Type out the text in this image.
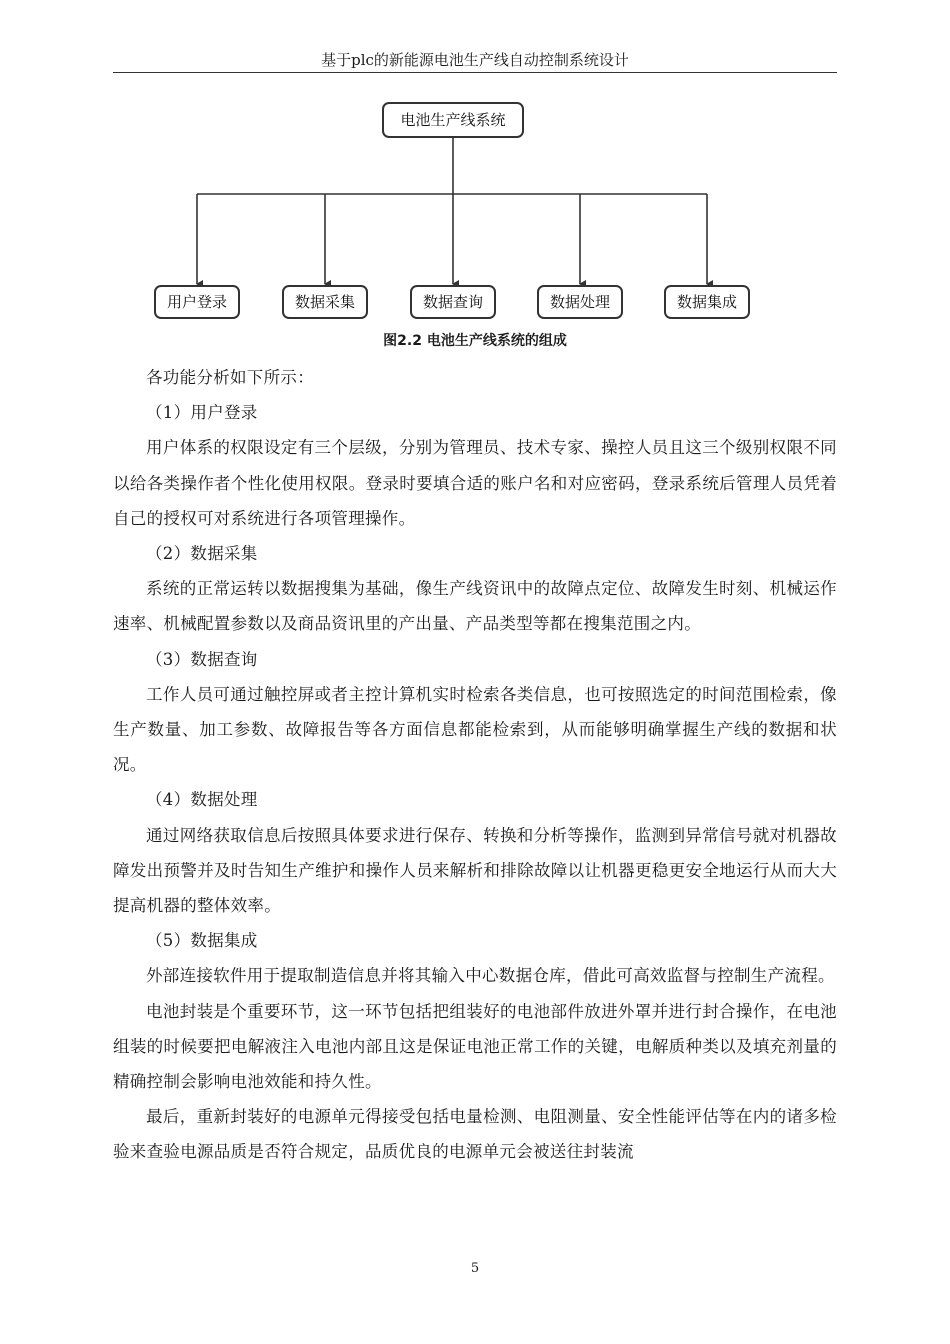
基于plc的新能源电池生产线自动控制系统设计
电池生产线系统
用户登录	数据采集	数据查询	数据处理	数据集成
图2.2 电池生产线系统的组成

各功能分析如下所示：

（1）用户登录

用户体系的权限设定有三个层级，分别为管理员、技术专家、操控人员且这三个级别权限不同以给各类操作者个性化使用权限。登录时要填合适的账户名和对应密码，登录系统后管理人员凭着自己的授权可对系统进行各项管理操作。

（2）数据采集

系统的正常运转以数据搜集为基础，像生产线资讯中的故障点定位、故障发生时刻、机械运作速率、机械配置参数以及商品资讯里的产出量、产品类型等都在搜集范围之内。

（3）数据查询

工作人员可通过触控屏或者主控计算机实时检索各类信息，也可按照选定的时间范围检索，像生产数量、加工参数、故障报告等各方面信息都能检索到，从而能够明确掌握生产线的数据和状况。

（4）数据处理

通过网络获取信息后按照具体要求进行保存、转换和分析等操作，监测到异常信号就对机器故障发出预警并及时告知生产维护和操作人员来解析和排除故障以让机器更稳更安全地运行从而大大提高机器的整体效率。

（5）数据集成

外部连接软件用于提取制造信息并将其输入中心数据仓库，借此可高效监督与控制生产流程。

电池封装是个重要环节，这一环节包括把组装好的电池部件放进外罩并进行封合操作，在电池组装的时候要把电解液注入电池内部且这是保证电池正常工作的关键，电解质种类以及填充剂量的精确控制会影响电池效能和持久性。

最后，重新封装好的电源单元得接受包括电量检测、电阻测量、安全性能评估等在内的诸多检验来查验电源品质是否符合规定，品质优良的电源单元会被送往封装流

5
